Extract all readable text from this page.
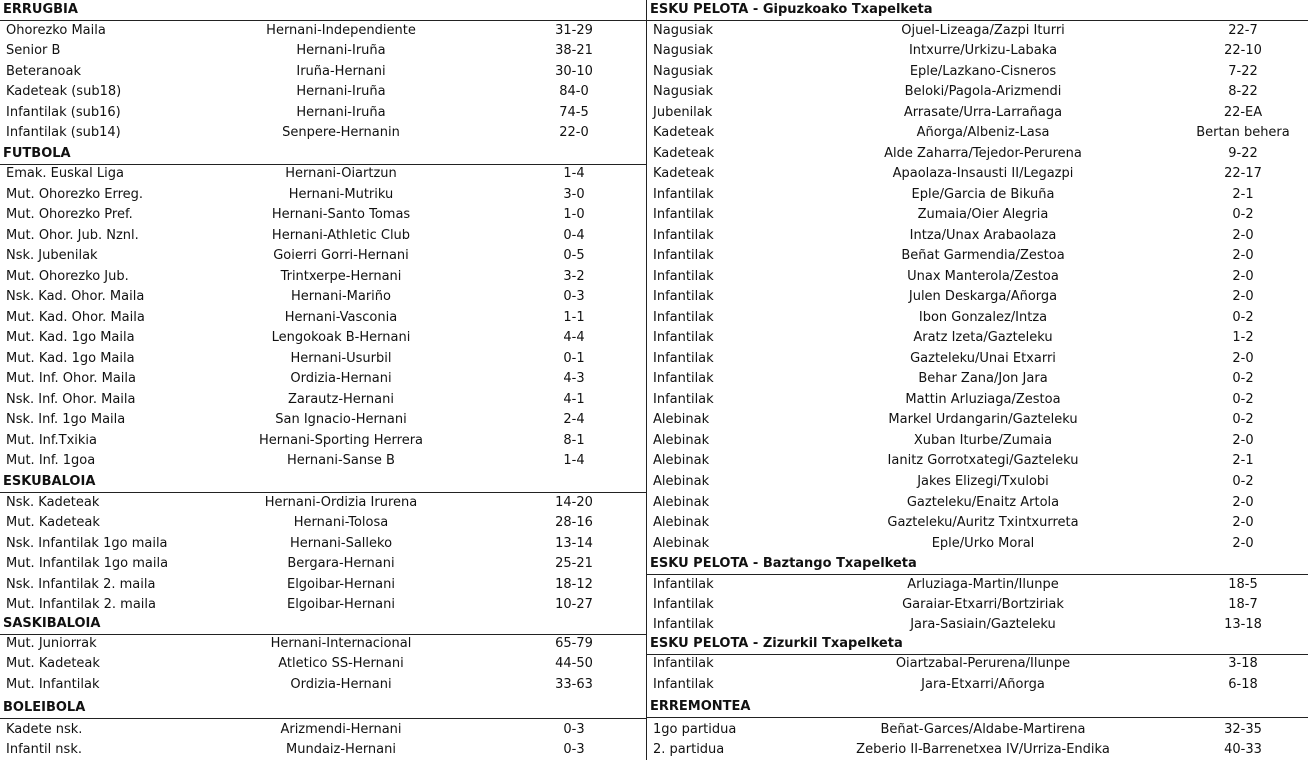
ERRUGBIA
Ohorezko Maila	Hernani-Independiente	31-29
Senior B	Hernani-Iruña	38-21
Beteranoak	Iruña-Hernani	30-10
Kadeteak (sub18)	Hernani-Iruña	84-0
Infantilak (sub16)	Hernani-Iruña	74-5
Infantilak (sub14)	Senpere-Hernanin	22-0
FUTBOLA
Emak. Euskal Liga	Hernani-Oiartzun	1-4
Mut. Ohorezko Erreg.	Hernani-Mutriku	3-0
Mut. Ohorezko Pref.	Hernani-Santo Tomas	1-0
Mut. Ohor. Jub. Nznl.	Hernani-Athletic Club	0-4
Nsk. Jubenilak	Goierri Gorri-Hernani	0-5
Mut. Ohorezko Jub.	Trintxerpe-Hernani	3-2
Nsk. Kad. Ohor. Maila	Hernani-Mariño	0-3
Mut. Kad. Ohor. Maila	Hernani-Vasconia	1-1
Mut. Kad. 1go Maila	Lengokoak B-Hernani	4-4
Mut. Kad. 1go Maila	Hernani-Usurbil	0-1
Mut. Inf. Ohor. Maila	Ordizia-Hernani	4-3
Nsk. Inf. Ohor. Maila	Zarautz-Hernani	4-1
Nsk. Inf. 1go Maila	San Ignacio-Hernani	2-4
Mut. Inf.Txikia	Hernani-Sporting Herrera	8-1
Mut. Inf. 1goa	Hernani-Sanse B	1-4
ESKUBALOIA
Nsk. Kadeteak	Hernani-Ordizia Irurena	14-20
Mut. Kadeteak	Hernani-Tolosa	28-16
Nsk. Infantilak 1go maila	Hernani-Salleko	13-14
Mut. Infantilak 1go maila	Bergara-Hernani	25-21
Nsk. Infantilak 2. maila	Elgoibar-Hernani	18-12
Mut. Infantilak 2. maila	Elgoibar-Hernani	10-27
SASKIBALOIA
Mut. Juniorrak	Hernani-Internacional	65-79
Mut. Kadeteak	Atletico SS-Hernani	44-50
Mut. Infantilak	Ordizia-Hernani	33-63
BOLEIBOLA
Kadete nsk.	Arizmendi-Hernani	0-3
Infantil nsk.	Mundaiz-Hernani	0-3
ESKU PELOTA - Gipuzkoako Txapelketa
Nagusiak	Ojuel-Lizeaga/Zazpi Iturri	22-7
Nagusiak	Intxurre/Urkizu-Labaka	22-10
Nagusiak	Eple/Lazkano-Cisneros	7-22
Nagusiak	Beloki/Pagola-Arizmendi	8-22
Jubenilak	Arrasate/Urra-Larrañaga	22-EA
Kadeteak	Añorga/Albeniz-Lasa	Bertan behera
Kadeteak	Alde Zaharra/Tejedor-Perurena	9-22
Kadeteak	Apaolaza-Insausti II/Legazpi	22-17
Infantilak	Eple/Garcia de Bikuña	2-1
Infantilak	Zumaia/Oier Alegria	0-2
Infantilak	Intza/Unax Arabaolaza	2-0
Infantilak	Beñat Garmendia/Zestoa	2-0
Infantilak	Unax Manterola/Zestoa	2-0
Infantilak	Julen Deskarga/Añorga	2-0
Infantilak	Ibon Gonzalez/Intza	0-2
Infantilak	Aratz Izeta/Gazteleku	1-2
Infantilak	Gazteleku/Unai Etxarri	2-0
Infantilak	Behar Zana/Jon Jara	0-2
Infantilak	Mattin Arluziaga/Zestoa	0-2
Alebinak	Markel Urdangarin/Gazteleku	0-2
Alebinak	Xuban Iturbe/Zumaia	2-0
Alebinak	Ianitz Gorrotxategi/Gazteleku	2-1
Alebinak	Jakes Elizegi/Txulobi	0-2
Alebinak	Gazteleku/Enaitz Artola	2-0
Alebinak	Gazteleku/Auritz Txintxurreta	2-0
Alebinak	Eple/Urko Moral	2-0
ESKU PELOTA - Baztango Txapelketa
Infantilak	Arluziaga-Martin/Ilunpe	18-5
Infantilak	Garaiar-Etxarri/Bortziriak	18-7
Infantilak	Jara-Sasiain/Gazteleku	13-18
ESKU PELOTA - Zizurkil Txapelketa
Infantilak	Oiartzabal-Perurena/Ilunpe	3-18
Infantilak	Jara-Etxarri/Añorga	6-18
ERREMONTEA
1go partidua	Beñat-Garces/Aldabe-Martirena	32-35
2. partidua	Zeberio II-Barrenetxea IV/Urriza-Endika	40-33
